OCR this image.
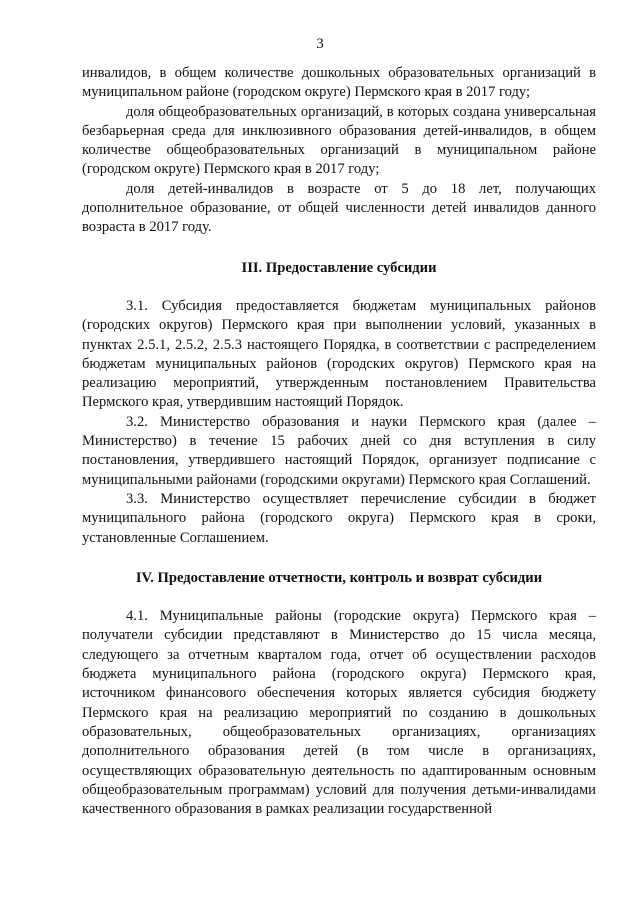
3

инвалидов, в общем количестве дошкольных образовательных организаций в муниципальном районе (городском округе) Пермского края в 2017 году;

доля общеобразовательных организаций, в которых создана универсальная безбарьерная среда для инклюзивного образования детей-инвалидов, в общем количестве общеобразовательных организаций в муниципальном районе (городском округе) Пермского края в 2017 году;

доля детей-инвалидов в возрасте от 5 до 18 лет, получающих дополнительное образование, от общей численности детей инвалидов данного возраста в 2017 году.

III. Предоставление субсидии

3.1. Субсидия предоставляется бюджетам муниципальных районов (городских округов) Пермского края при выполнении условий, указанных в пунктах 2.5.1, 2.5.2, 2.5.3 настоящего Порядка, в соответствии с распределением бюджетам муниципальных районов (городских округов) Пермского края на реализацию мероприятий, утвержденным постановлением Правительства Пермского края, утвердившим настоящий Порядок.

3.2. Министерство образования и науки Пермского края (далее – Министерство) в течение 15 рабочих дней со дня вступления в силу постановления, утвердившего настоящий Порядок, организует подписание с муниципальными районами (городскими округами) Пермского края Соглашений.

3.3. Министерство осуществляет перечисление субсидии в бюджет муниципального района (городского округа) Пермского края в сроки, установленные Соглашением.

IV. Предоставление отчетности, контроль и возврат субсидии

4.1. Муниципальные районы (городские округа) Пермского края – получатели субсидии представляют в Министерство до 15 числа месяца, следующего за отчетным кварталом года, отчет об осуществлении расходов бюджета муниципального района (городского округа) Пермского края, источником финансового обеспечения которых является субсидия бюджету Пермского края на реализацию мероприятий по созданию в дошкольных образовательных, общеобразовательных организациях, организациях дополнительного образования детей (в том числе в организациях, осуществляющих образовательную деятельность по адаптированным основным общеобразовательным программам) условий для получения детьми-инвалидами качественного образования в рамках реализации государственной
